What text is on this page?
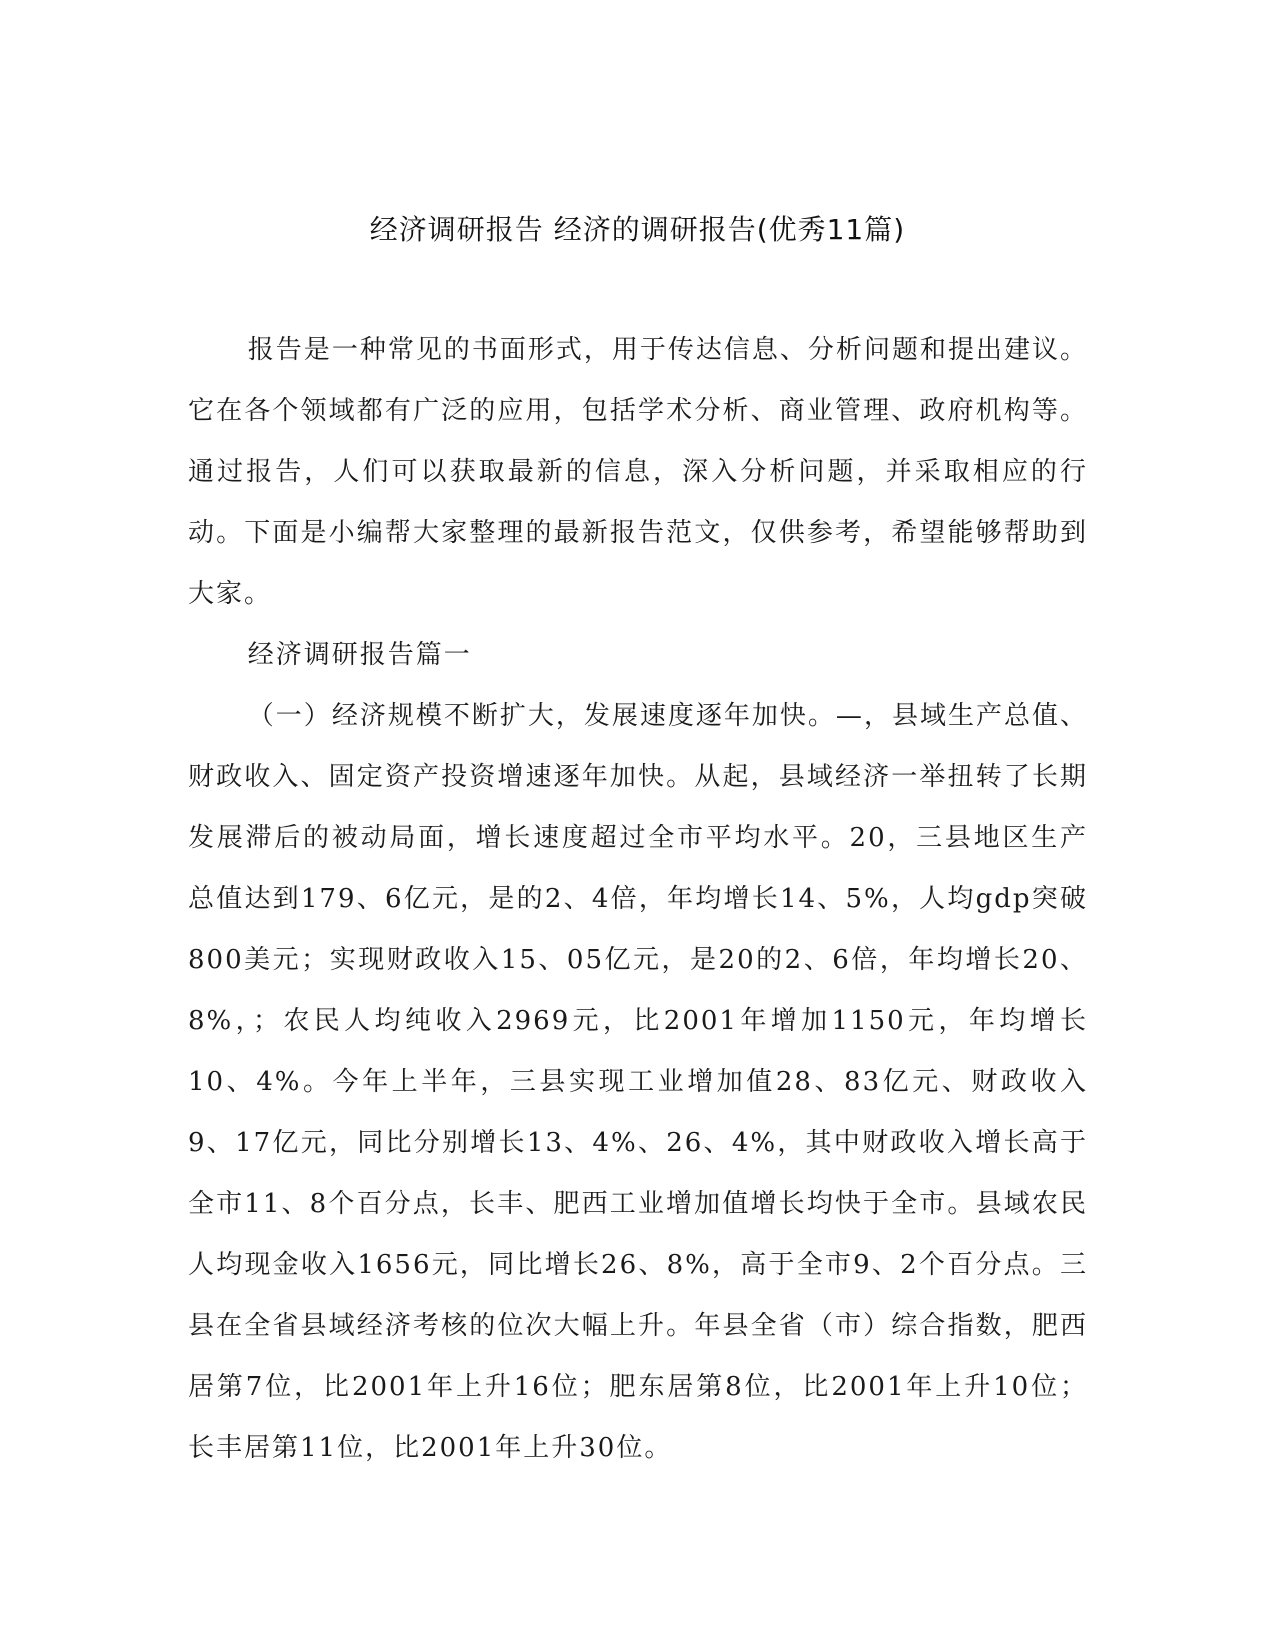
经济调研报告 经济的调研报告(优秀11篇)

报告是一种常见的书面形式，用于传达信息、分析问题和提出建议。它在各个领域都有广泛的应用，包括学术分析、商业管理、政府机构等。通过报告，人们可以获取最新的信息，深入分析问题，并采取相应的行动。下面是小编帮大家整理的最新报告范文，仅供参考，希望能够帮助到大家。

经济调研报告篇一

（一）经济规模不断扩大，发展速度逐年加快。—，县域生产总值、财政收入、固定资产投资增速逐年加快。从起，县域经济一举扭转了长期发展滞后的被动局面，增长速度超过全市平均水平。20，三县地区生产总值达到179、6亿元，是的2、4倍，年均增长14、5%，人均gdp突破800美元；实现财政收入15、05亿元，是20的2、6倍，年均增长20、8%，；农民人均纯收入2969元，比2001年增加1150元，年均增长10、4%。今年上半年，三县实现工业增加值28、83亿元、财政收入9、17亿元，同比分别增长13、4%、26、4%，其中财政收入增长高于全市11、8个百分点，长丰、肥西工业增加值增长均快于全市。县域农民人均现金收入1656元，同比增长26、8%，高于全市9、2个百分点。三县在全省县域经济考核的位次大幅上升。年县全省（市）综合指数，肥西居第7位，比2001年上升16位；肥东居第8位，比2001年上升10位；长丰居第11位，比2001年上升30位。
